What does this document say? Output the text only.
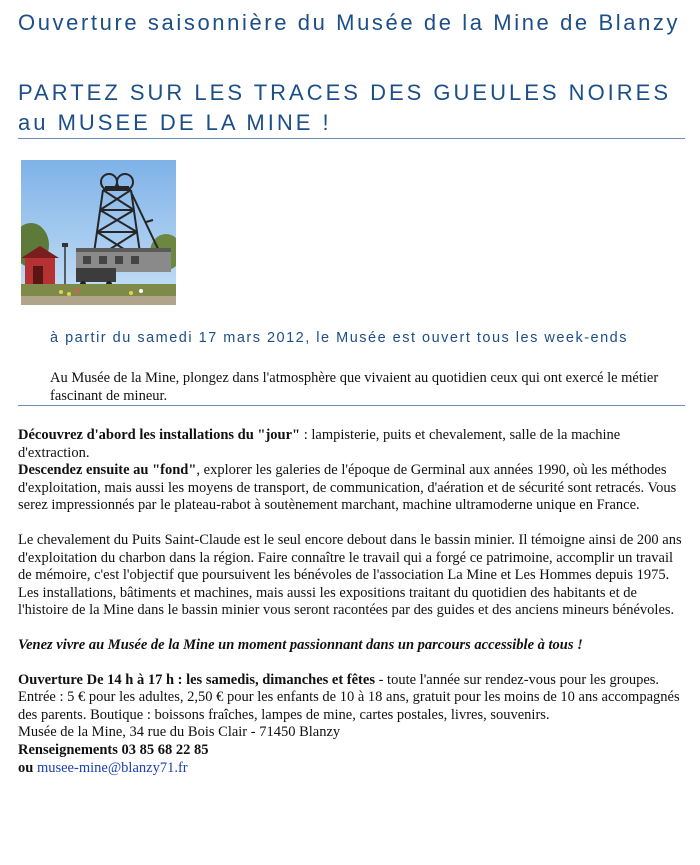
Ouverture saisonnière du Musée de la Mine de Blanzy
PARTEZ SUR LES TRACES DES GUEULES NOIRES au MUSEE DE LA MINE !
à partir du samedi 17 mars 2012, le Musée est ouvert tous les week-ends
Au Musée de la Mine, plongez dans l'atmosphère que vivaient au quotidien ceux qui ont exercé le métier fascinant de mineur.

Découvrez d'abord les installations du "jour" : lampisterie, puits et chevalement, salle de la machine d'extraction.

Descendez ensuite au "fond", explorer les galeries de l'époque de Germinal aux années 1990, où les méthodes d'exploitation, mais aussi les moyens de transport, de communication, d'aération et de sécurité sont retracés. Vous serez impressionnés par le plateau-rabot à soutènement marchant, machine ultramoderne unique en France.

Le chevalement du Puits Saint-Claude est le seul encore debout dans le bassin minier. Il témoigne ainsi de 200 ans d'exploitation du charbon dans la région. Faire connaître le travail qui a forgé ce patrimoine, accomplir un travail de mémoire, c'est l'objectif que poursuivent les bénévoles de l'association La Mine et Les Hommes depuis 1975.

Les installations, bâtiments et machines, mais aussi les expositions traitant du quotidien des habitants et de l'histoire de la Mine dans le bassin minier vous seront racontées par des guides et des anciens mineurs bénévoles.

Venez vivre au Musée de la Mine un moment passionnant dans un parcours accessible à tous !

Ouverture De 14 h à 17 h : les samedis, dimanches et fêtes - toute l'année sur rendez-vous pour les groupes.

Entrée : 5 € pour les adultes, 2,50 € pour les enfants de 10 à 18 ans, gratuit pour les moins de 10 ans accompagnés des parents. Boutique : boissons fraîches, lampes de mine, cartes postales, livres, souvenirs.

Musée de la Mine, 34 rue du Bois Clair - 71450 Blanzy

Renseignements 03 85 68 22 85

ou musee-mine@blanzy71.fr
